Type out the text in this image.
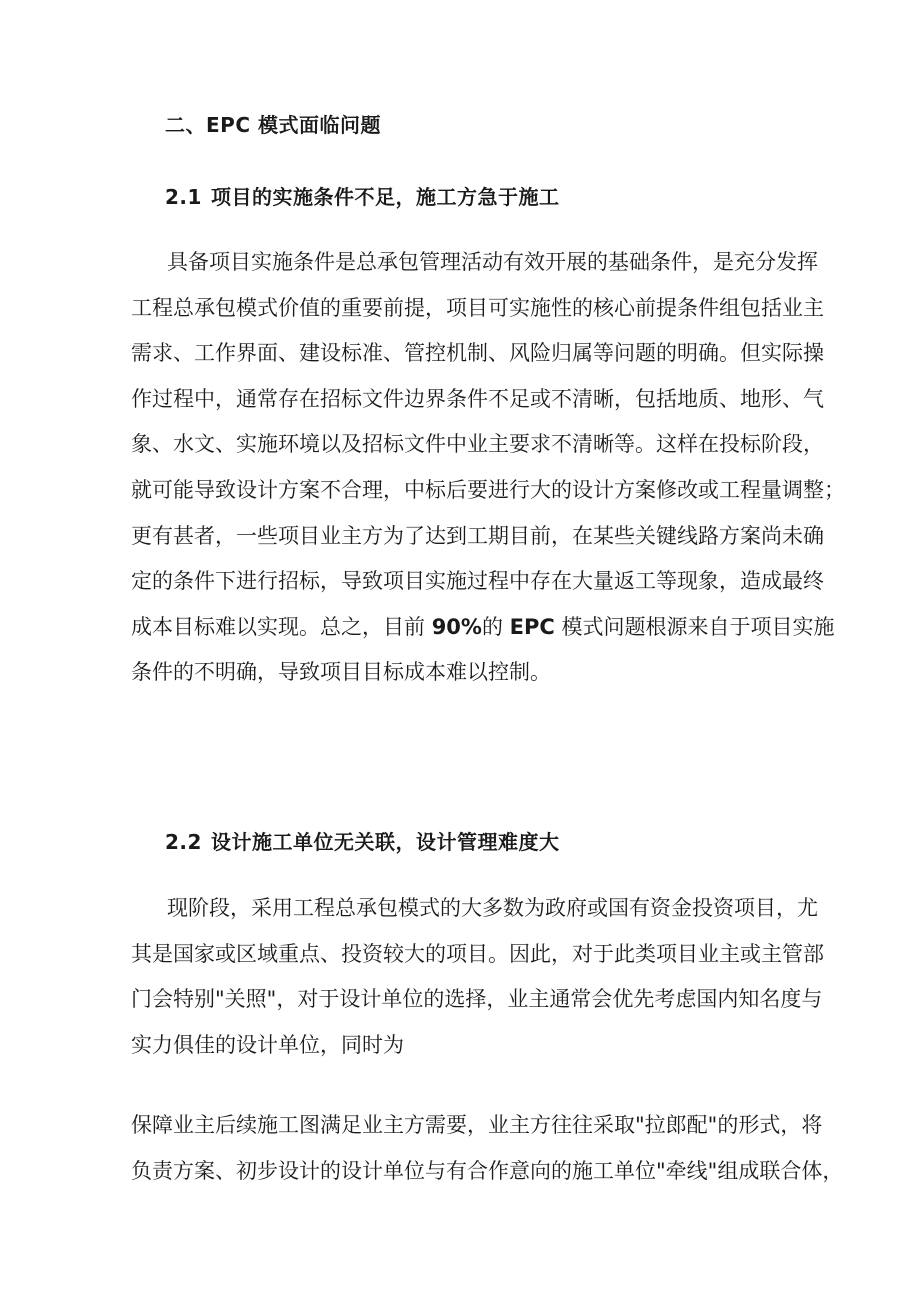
二、EPC 模式面临问题
2.1 项目的实施条件不足，施工方急于施工
具备项目实施条件是总承包管理活动有效开展的基础条件，是充分发挥
工程总承包模式价值的重要前提，项目可实施性的核心前提条件组包括业主
需求、工作界面、建设标准、管控机制、风险归属等问题的明确。但实际操
作过程中，通常存在招标文件边界条件不足或不清晰，包括地质、地形、气
象、水文、实施环境以及招标文件中业主要求不清晰等。这样在投标阶段，
就可能导致设计方案不合理，中标后要进行大的设计方案修改或工程量调整；
更有甚者，一些项目业主方为了达到工期目前，在某些关键线路方案尚未确
定的条件下进行招标，导致项目实施过程中存在大量返工等现象，造成最终
成本目标难以实现。总之，目前 90%的 EPC 模式问题根源来自于项目实施
条件的不明确，导致项目目标成本难以控制。
2.2 设计施工单位无关联，设计管理难度大
现阶段，采用工程总承包模式的大多数为政府或国有资金投资项目，尤
其是国家或区域重点、投资较大的项目。因此，对于此类项目业主或主管部
门会特别"关照"，对于设计单位的选择，业主通常会优先考虑国内知名度与
实力俱佳的设计单位，同时为
保障业主后续施工图满足业主方需要，业主方往往采取"拉郎配"的形式，将
负责方案、初步设计的设计单位与有合作意向的施工单位"牵线"组成联合体，
